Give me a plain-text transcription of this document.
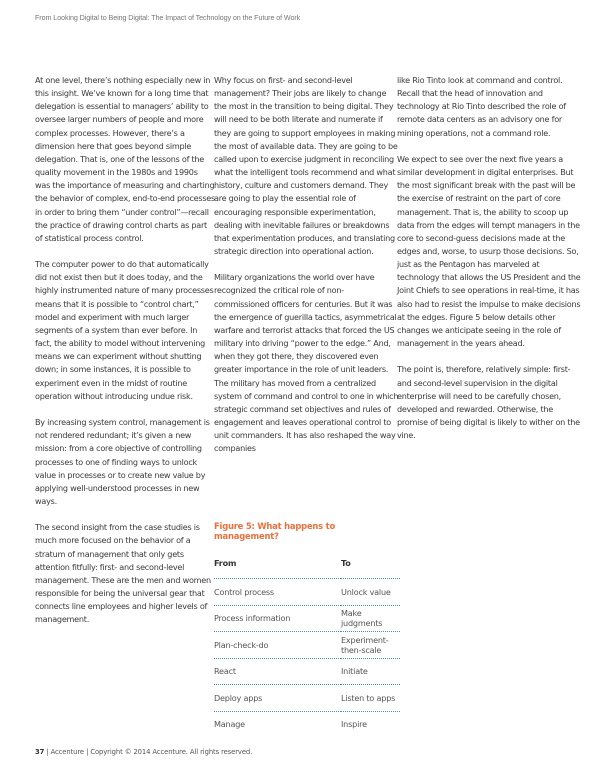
From Looking Digital to Being Digital: The Impact of Technology on the Future of Work

At one level, there’s nothing especially new in this insight. We’ve known for a long time that delegation is essential to managers’ ability to oversee larger numbers of people and more complex processes. However, there’s a dimension here that goes beyond simple delegation. That is, one of the lessons of the quality movement in the 1980s and 1990s was the importance of measuring and charting the behavior of complex, end-to-end processes in order to bring them “under control”—recall the practice of drawing control charts as part of statistical process control.

The computer power to do that automatically did not exist then but it does today, and the highly instrumented nature of many processes means that it is possible to “control chart,” model and experiment with much larger segments of a system than ever before. In fact, the ability to model without intervening means we can experiment without shutting down; in some instances, it is possible to experiment even in the midst of routine operation without introducing undue risk.

By increasing system control, management is not rendered redundant; it’s given a new mission: from a core objective of controlling processes to one of finding ways to unlock value in processes or to create new value by applying well-understood processes in new ways.

The second insight from the case studies is much more focused on the behavior of a stratum of management that only gets attention fitfully: first- and second-level management. These are the men and women responsible for being the universal gear that connects line employees and higher levels of management.

Why focus on first- and second-level management? Their jobs are likely to change the most in the transition to being digital. They will need to be both literate and numerate if they are going to support employees in making the most of available data. They are going to be called upon to exercise judgment in reconciling what the intelligent tools recommend and what history, culture and customers demand. They are going to play the essential role of encouraging responsible experimentation, dealing with inevitable failures or breakdowns that experimentation produces, and translating strategic direction into operational action.

Military organizations the world over have recognized the critical role of non-commissioned officers for centuries. But it was the emergence of guerilla tactics, asymmetrical warfare and terrorist attacks that forced the US military into driving “power to the edge.” And, when they got there, they discovered even greater importance in the role of unit leaders. The military has moved from a centralized system of command and control to one in which strategic command set objectives and rules of engagement and leaves operational control to unit commanders. It has also reshaped the way companies

like Rio Tinto look at command and control. Recall that the head of innovation and technology at Rio Tinto described the role of remote data centers as an advisory one for mining operations, not a command role.

We expect to see over the next five years a similar development in digital enterprises. But the most significant break with the past will be the exercise of restraint on the part of core management. That is, the ability to scoop up data from the edges will tempt managers in the core to second-guess decisions made at the edges and, worse, to usurp those decisions. So, just as the Pentagon has marveled at technology that allows the US President and the Joint Chiefs to see operations in real-time, it has also had to resist the impulse to make decisions at the edges. Figure 5 below details other changes we anticipate seeing in the role of management in the years ahead.

The point is, therefore, relatively simple: first- and second-level supervision in the digital enterprise will need to be carefully chosen, developed and rewarded. Otherwise, the promise of being digital is likely to wither on the vine.

Figure 5: What happens to management?
From	To
Control process	Unlock value
Process information	Make judgments
Plan-check-do	Experiment-then-scale
React	Initiate
Deploy apps	Listen to apps
Manage	Inspire
37 | Accenture | Copyright © 2014 Accenture. All rights reserved.
